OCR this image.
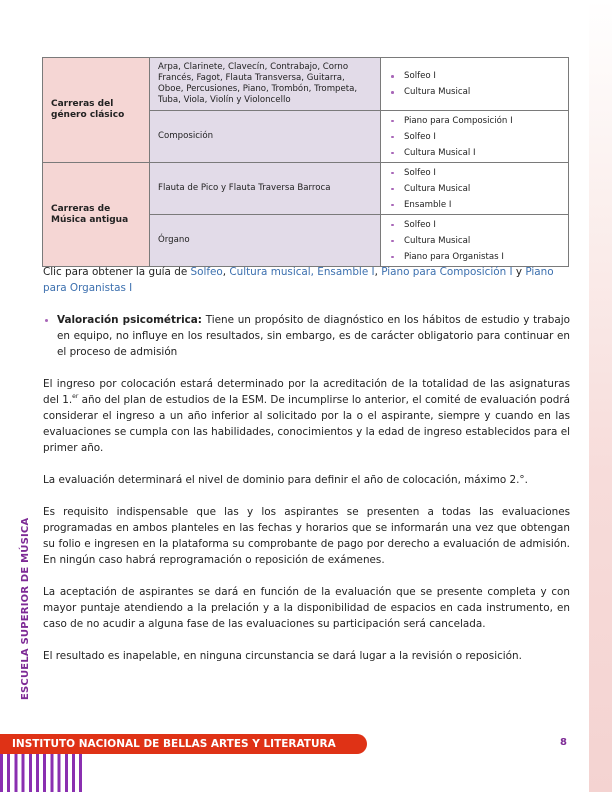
Carreras del género clásico	Arpa, Clarinete, Clavecín, Contrabajo, Corno Francés, Fagot, Flauta Transversa, Guitarra, Oboe, Percusiones, Piano, Trombón, Trompeta, Tuba, Viola, Violín y Violoncello	
Solfeo I
Cultura Musical

Composición	
Piano para Composición I
Solfeo I
Cultura Musical I

Carreras de Música antigua	Flauta de Pico y Flauta Traversa Barroca	
Solfeo I
Cultura Musical
Ensamble I

Órgano	
Solfeo I
Cultura Musical
Piano para Organistas I
Clic para obtener la guía de Solfeo, Cultura musical, Ensamble I, Piano para Composición I y Piano para Organistas I
Valoración psicométrica: Tiene un propósito de diagnóstico en los hábitos de estudio y trabajo en equipo, no influye en los resultados, sin embargo, es de carácter obligatorio para continuar en el proceso de admisión
El ingreso por colocación estará determinado por la acreditación de la totalidad de las asignaturas del 1.$^{er}$ año del plan de estudios de la ESM. De incumplirse lo anterior, el comité de evaluación podrá considerar el ingreso a un año inferior al solicitado por la o el aspirante, siempre y cuando en las evaluaciones se cumpla con las habilidades, conocimientos y la edad de ingreso establecidos para el primer año.
La evaluación determinará el nivel de dominio para definir el año de colocación, máximo 2.°.
Es requisito indispensable que las y los aspirantes se presenten a todas las evaluaciones programadas en ambos planteles en las fechas y horarios que se informarán una vez que obtengan su folio e ingresen en la plataforma su comprobante de pago por derecho a evaluación de admisión. En ningún caso habrá reprogramación o reposición de exámenes.
La aceptación de aspirantes se dará en función de la evaluación que se presente completa y con mayor puntaje atendiendo a la prelación y a la disponibilidad de espacios en cada instrumento, en caso de no acudir a alguna fase de las evaluaciones su participación será cancelada.
El resultado es inapelable, en ninguna circunstancia se dará lugar a la revisión o reposición.
ESCUELA SUPERIOR DE MÚSICA
INSTITUTO NACIONAL DE BELLAS ARTES Y LITERATURA	8
